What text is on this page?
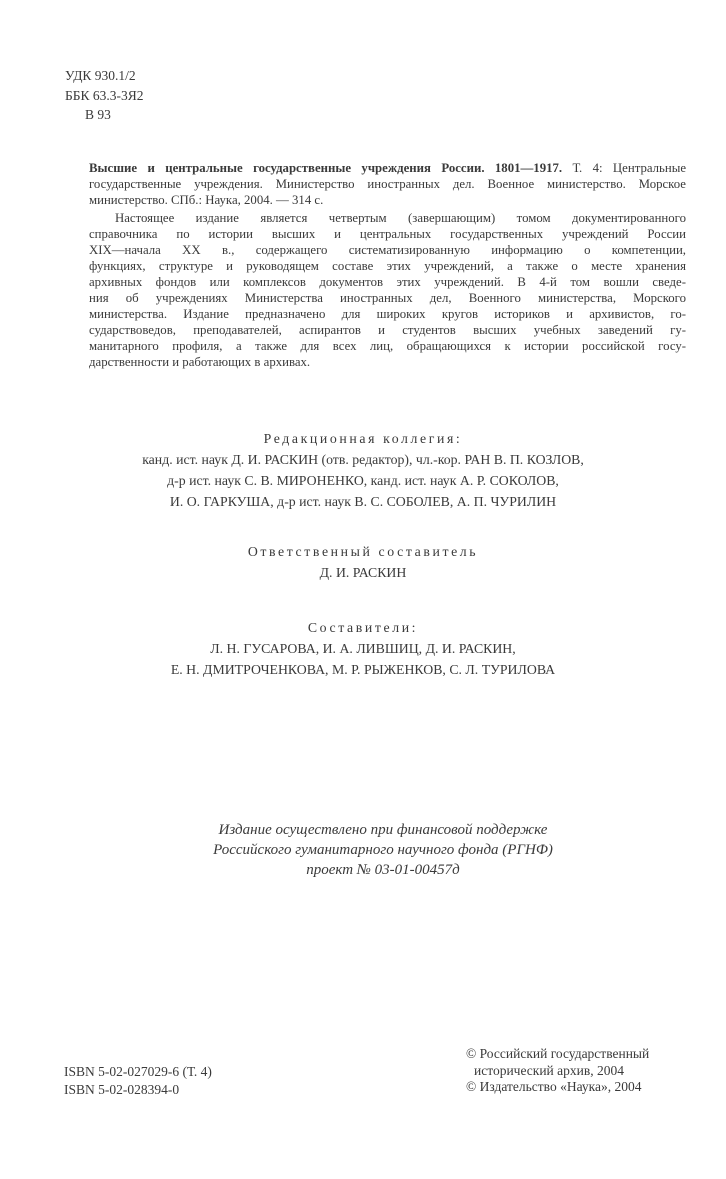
УДК 930.1/2
ББК 63.3-3Я2
В 93
Высшие и центральные государственные учреждения России. 1801—1917. Т. 4: Центральные государственные учреждения. Министерство иностранных дел. Военное министерство. Морское министерство. СПб.: Наука, 2004. — 314 с.
Настоящее издание является четвертым (завершающим) томом документированного
справочника по истории высших и центральных государственных учреждений России
XIX—начала XX в., содержащего систематизированную информацию о компетенции,
функциях, структуре и руководящем составе этих учреждений, а также о месте хранения
архивных фондов или комплексов документов этих учреждений. В 4-й том вошли сведе-
ния об учреждениях Министерства иностранных дел, Военного министерства, Морского
министерства. Издание предназначено для широких кругов историков и архивистов, го-
сударствоведов, преподавателей, аспирантов и студентов высших учебных заведений гу-
манитарного профиля, а также для всех лиц, обращающихся к истории российской госу-
дарственности и работающих в архивах.
Редакционная коллегия:
канд. ист. наук Д. И. РАСКИН (отв. редактор), чл.-кор. РАН В. П. КОЗЛОВ,
д-р ист. наук С. В. МИРОНЕНКО, канд. ист. наук А. Р. СОКОЛОВ,
И. О. ГАРКУША, д-р ист. наук В. С. СОБОЛЕВ, А. П. ЧУРИЛИН
Ответственный составитель
Д. И. РАСКИН
Составители:
Л. Н. ГУСАРОВА, И. А. ЛИВШИЦ, Д. И. РАСКИН,
Е. Н. ДМИТРОЧЕНКОВА, М. Р. РЫЖЕНКОВ, С. Л. ТУРИЛОВА
Издание осуществлено при финансовой поддержке
Российского гуманитарного научного фонда (РГНФ)
проект № 03-01-00457д
ISBN 5-02-027029-6 (Т. 4)
ISBN 5-02-028394-0
© Российский государственный
исторический архив, 2004
© Издательство «Наука», 2004
